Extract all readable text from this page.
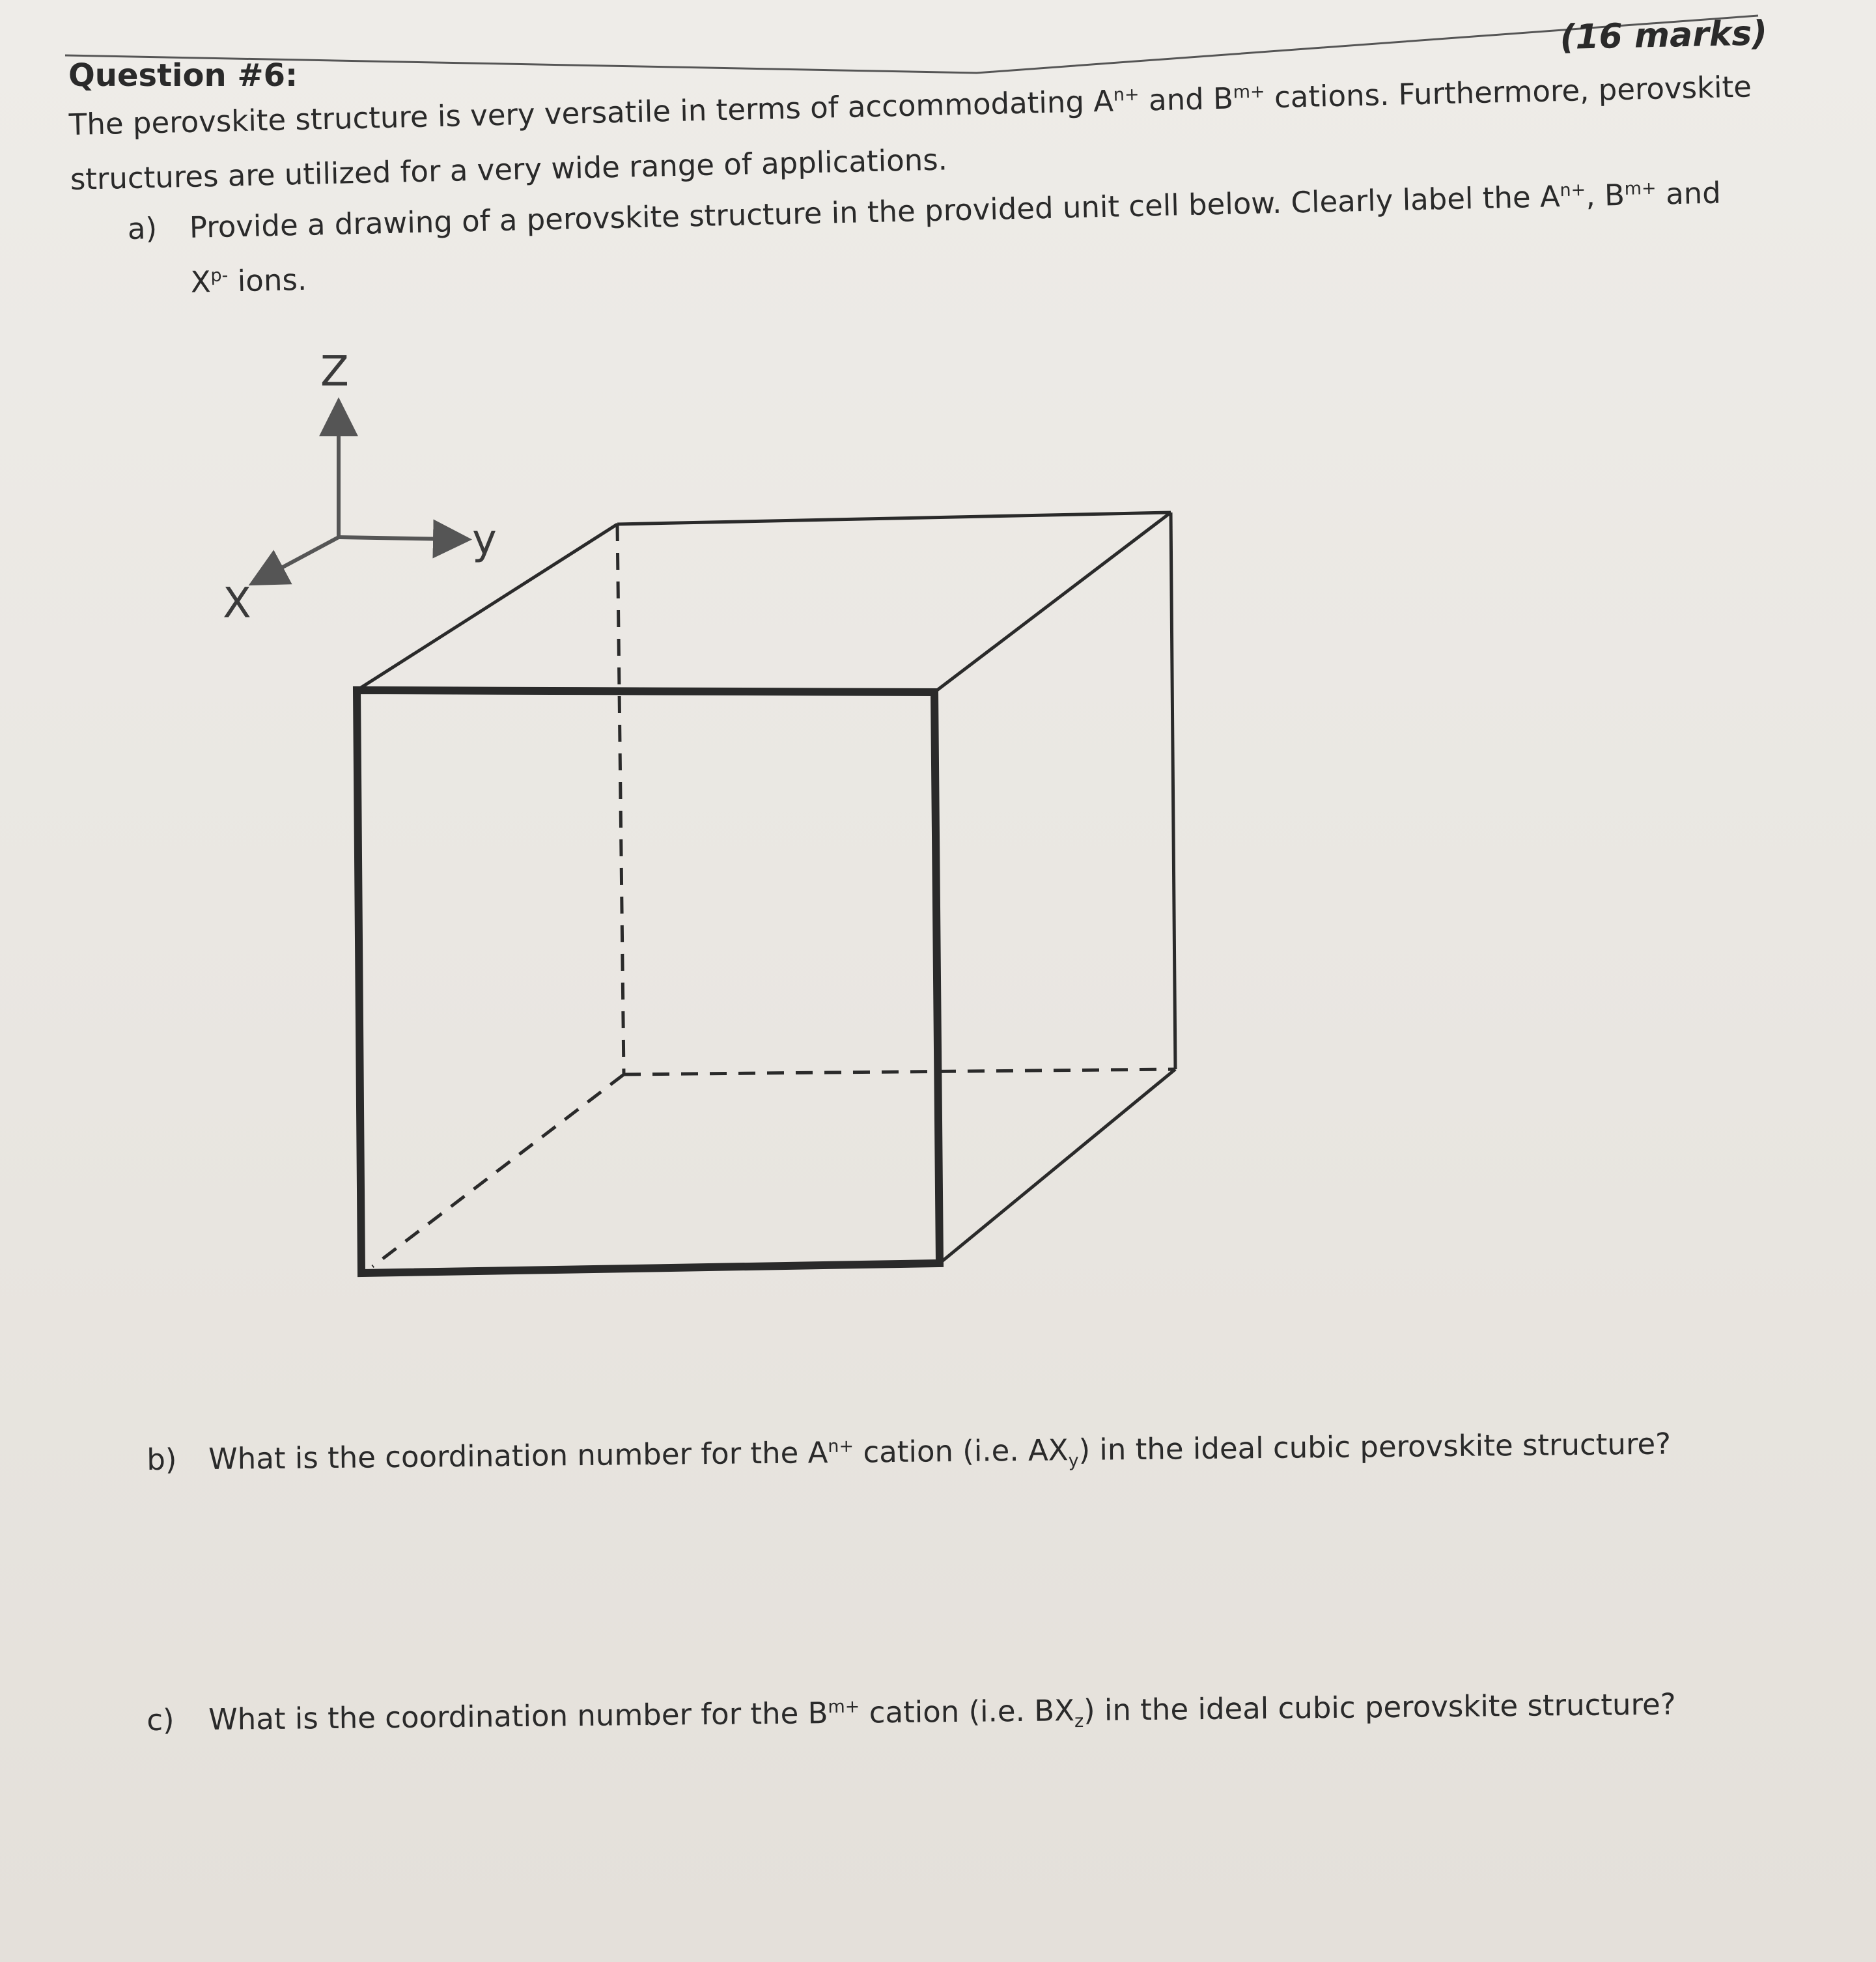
(16 marks)
Question #6:
The perovskite structure is very versatile in terms of accommodating $A^{n+}$ and $B^{m+}$ cations. Furthermore, perovskite
structures are utilized for a very wide range of applications.
a) Provide a drawing of a perovskite structure in the provided unit cell below. Clearly label the $A^{n+}$, $B^{m+}$ and
$X^{p-}$ ions.
Z
y
X
b) What is the coordination number for the $A^{n+}$ cation (i.e. $AX_y$) in the ideal cubic perovskite structure?
c) What is the coordination number for the $B^{m+}$ cation (i.e. $BX_z$) in the ideal cubic perovskite structure?
